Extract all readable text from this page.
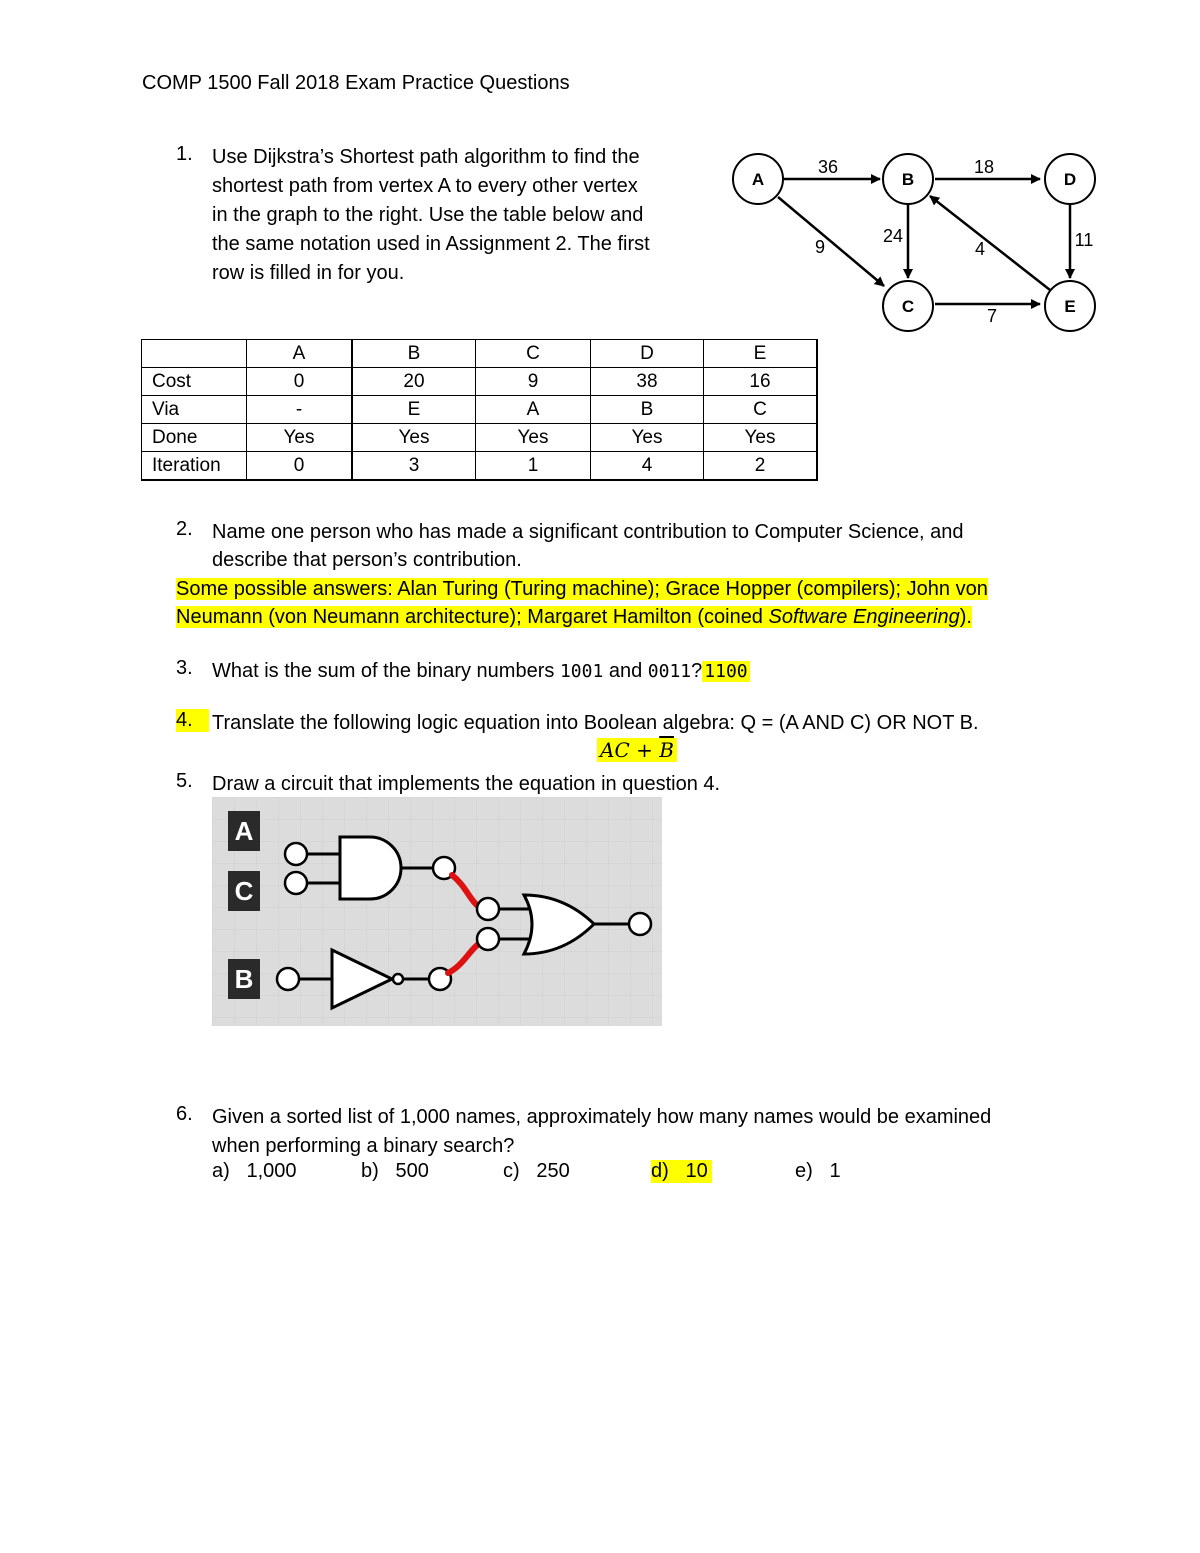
COMP 1500 Fall 2018 Exam Practice Questions
1. Use Dijkstra’s Shortest path algorithm to find the
shortest path from vertex A to every other vertex
in the graph to the right. Use the table below and
the same notation used in Assignment 2. The first
row is filled in for you.
A	B
C
D
E
36	18
9
24
4	11
7
	A	B	C	D	E
Cost	0	20	9	38	16
Via	-	E	A	B	C
Done	Yes	Yes	Yes	Yes	Yes
Iteration	0	3	1	4	2
2. Name one person who has made a significant contribution to Computer Science, and
describe that person’s contribution.
Some possible answers: Alan Turing (Turing machine); Grace Hopper (compilers); John von
Neumann (von Neumann architecture); Margaret Hamilton (coined Software Engineering).
3. What is the sum of the binary numbers 1001 and 0011? 1100
4. Translate the following logic equation into Boolean algebra: Q = (A AND C) OR NOT B.
AC + $\overline{B}$
5. Draw a circuit that implements the equation in question 4.
A
C
B
6. Given a sorted list of 1,000 names, approximately how many names would be examined
when performing a binary search?
a) 1,000	b) 500	c) 250	d) 10	e) 1
